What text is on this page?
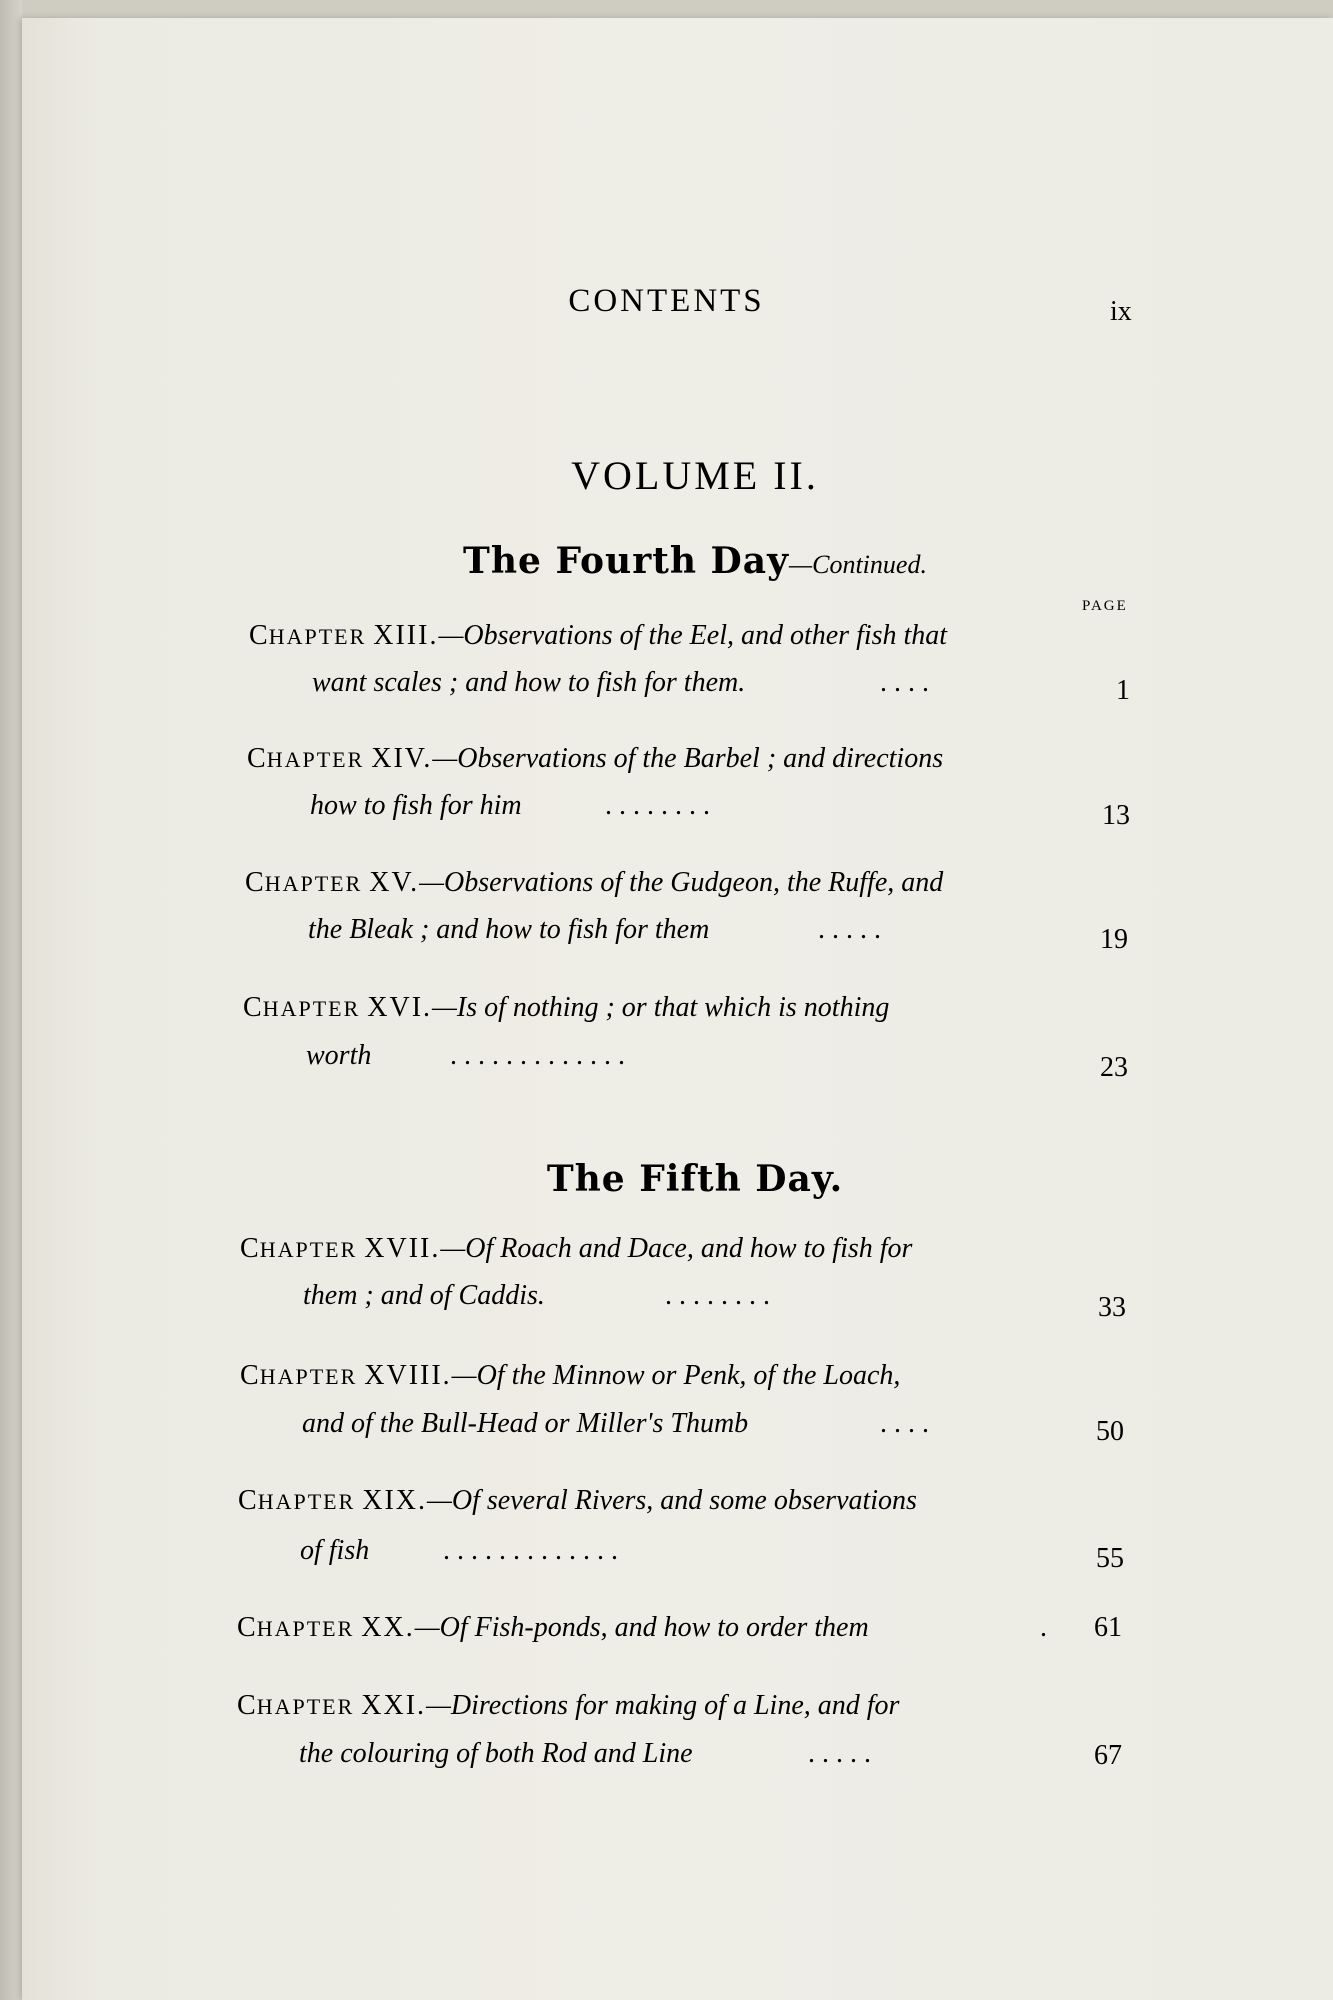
CONTENTS	ix
VOLUME II.
The Fourth Day—Continued.
PAGE
CHAPTER XIII.—Observations of the Eel, and other fish that
want scales ; and how to fish for them.	. . . .	1
CHAPTER XIV.—Observations of the Barbel ; and directions
how to fish for him	. . . . . . . .	13
CHAPTER XV.—Observations of the Gudgeon, the Ruffe, and
the Bleak ; and how to fish for them	. . . . .	19
CHAPTER XVI.—Is of nothing ; or that which is nothing
worth	. . . . . . . . . . . . .	23
The Fifth Day.
CHAPTER XVII.—Of Roach and Dace, and how to fish for
them ; and of Caddis.	. . . . . . . .	33
CHAPTER XVIII.—Of the Minnow or Penk, of the Loach,
and of the Bull-Head or Miller's Thumb	. . . .	50
CHAPTER XIX.—Of several Rivers, and some observations
of fish	. . . . . . . . . . . . .	55
CHAPTER XX.—Of Fish-ponds, and how to order them	.	61
CHAPTER XXI.—Directions for making of a Line, and for
the colouring of both Rod and Line	. . . . .	67
